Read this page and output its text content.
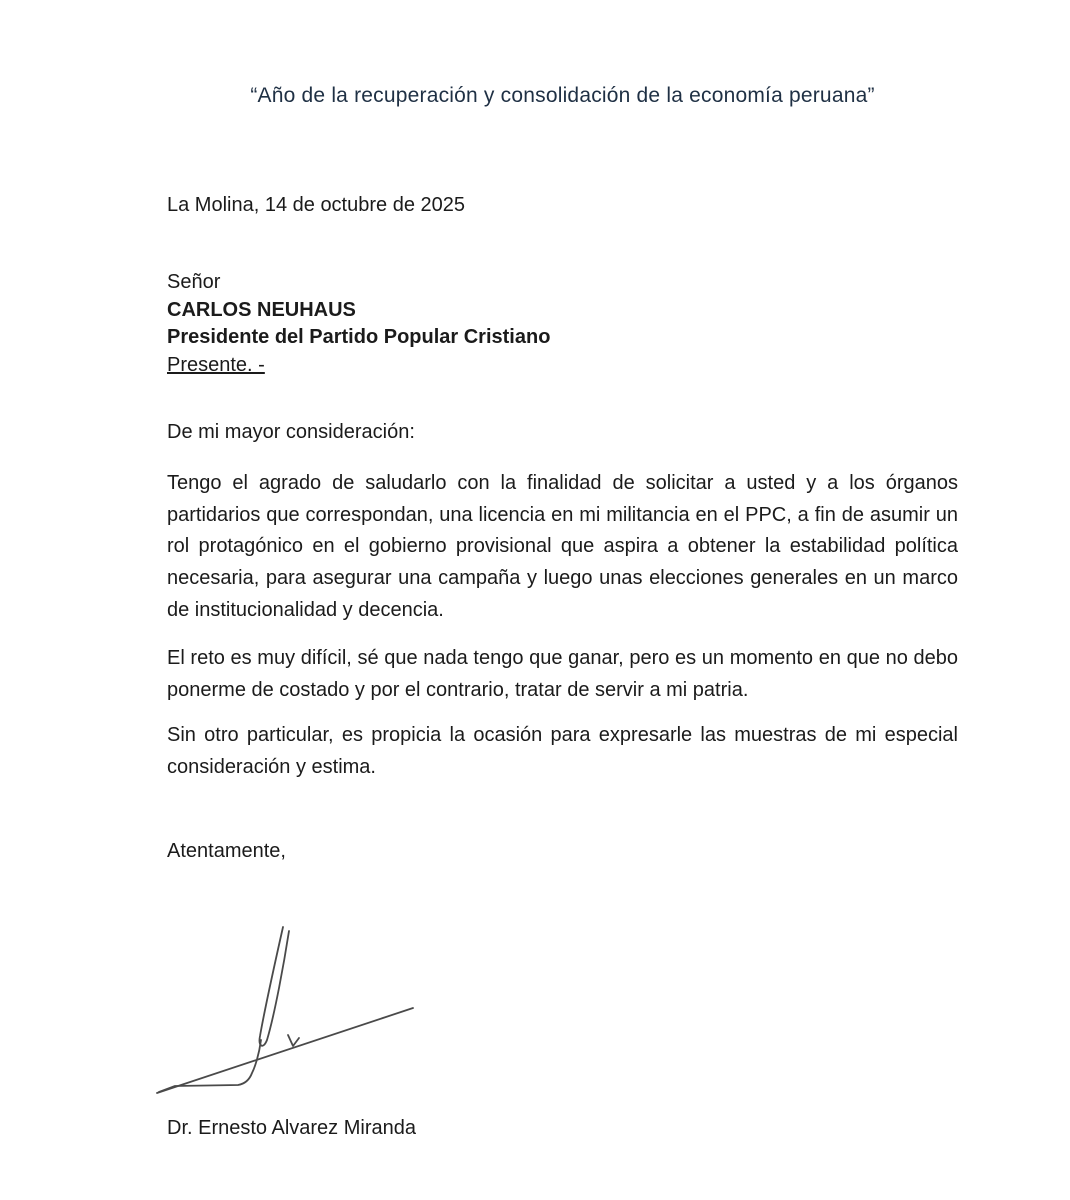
“Año de la recuperación y consolidación de la economía peruana”
La Molina, 14 de octubre de 2025
Señor
CARLOS NEUHAUS
Presidente del Partido Popular Cristiano
Presente. -
De mi mayor consideración:

Tengo el agrado de saludarlo con la finalidad de solicitar a usted y a los órganos partidarios que correspondan, una licencia en mi militancia en el PPC, a fin de asumir un rol protagónico en el gobierno provisional que aspira a obtener la estabilidad política necesaria, para asegurar una campaña y luego unas elecciones generales en un marco de institucionalidad y decencia.

El reto es muy difícil, sé que nada tengo que ganar, pero es un momento en que no debo ponerme de costado y por el contrario, tratar de servir a mi patria.

Sin otro particular, es propicia la ocasión para expresarle las muestras de mi especial consideración y estima.

Atentamente,
Dr. Ernesto Alvarez Miranda
